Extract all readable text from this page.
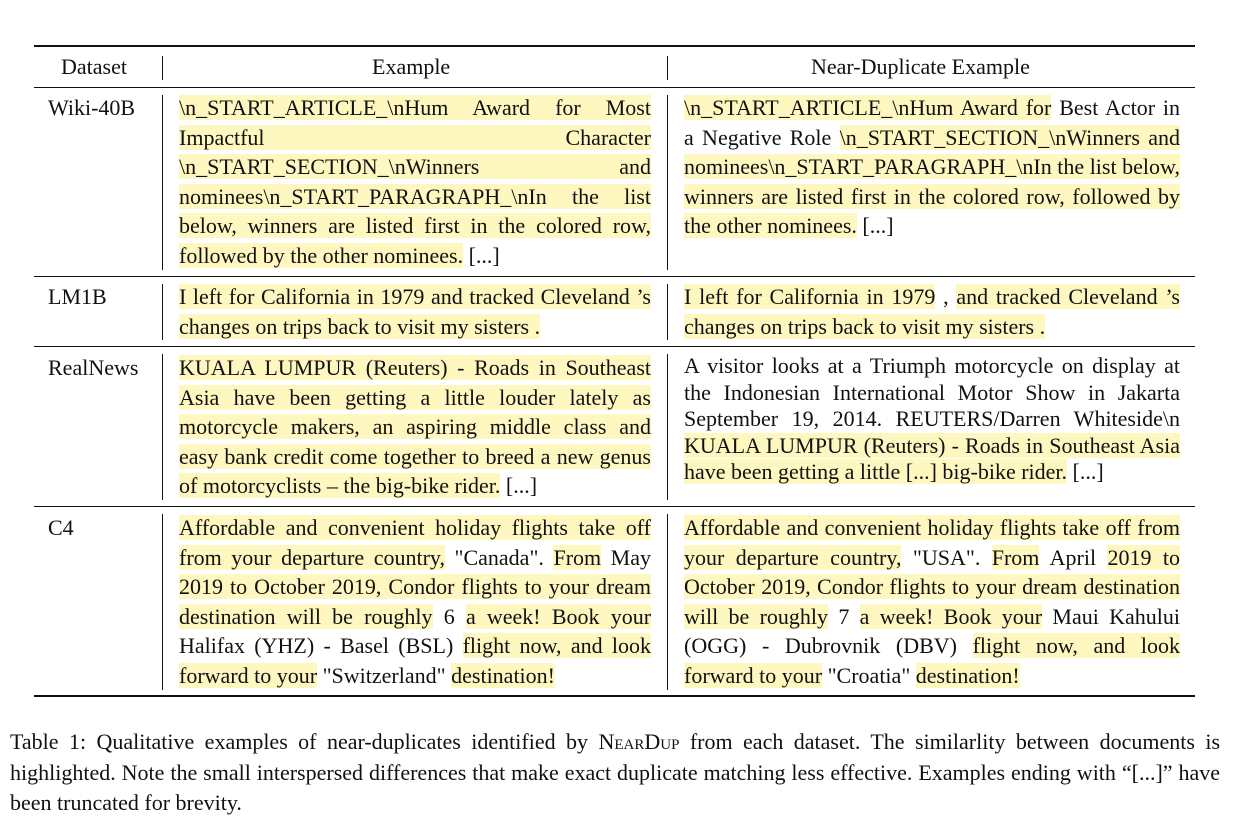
Dataset	Example	Near-Duplicate Example
Wiki-40B
LM1B
RealNews
C4
\n_START_ARTICLE_\nHum Award for Most Impactful Character \n_START_SECTION_\nWinners and nominees\n_START_PARAGRAPH_\nIn the list below, winners are listed first in the colored row, followed by the other nominees. [...]
\n_START_ARTICLE_\nHum Award for Best Actor in a Negative Role \n_START_SECTION_\nWinners and nominees\n_START_PARAGRAPH_\nIn the list below, winners are listed first in the colored row, followed by the other nominees. [...]
I left for California in 1979 and tracked Cleveland ’s changes on trips back to visit my sisters .
I left for California in 1979 , and tracked Cleveland ’s changes on trips back to visit my sisters .
KUALA LUMPUR (Reuters) - Roads in Southeast Asia have been getting a little louder lately as motorcycle makers, an aspiring middle class and easy bank credit come together to breed a new genus of motorcyclists – the big-bike rider. [...]
A visitor looks at a Triumph motorcycle on display at the Indonesian International Motor Show in Jakarta September 19, 2014. REUTERS/Darren Whiteside\n KUALA LUMPUR (Reuters) - Roads in Southeast Asia have been getting a little [...] big-bike rider. [...]
Affordable and convenient holiday flights take off from your departure country, "Canada". From May 2019 to October 2019, Condor flights to your dream destination will be roughly 6 a week! Book your Halifax (YHZ) - Basel (BSL) flight now, and look forward to your "Switzerland" destination!
Affordable and convenient holiday flights take off from your departure country, "USA". From April 2019 to October 2019, Condor flights to your dream destination will be roughly 7 a week! Book your Maui Kahului (OGG) - Dubrovnik (DBV) flight now, and look forward to your "Croatia" destination!
Table 1: Qualitative examples of near-duplicates identified by NearDup from each dataset. The similarlity between documents is highlighted. Note the small interspersed differences that make exact duplicate matching less effective. Examples ending with “[...]” have been truncated for brevity.
